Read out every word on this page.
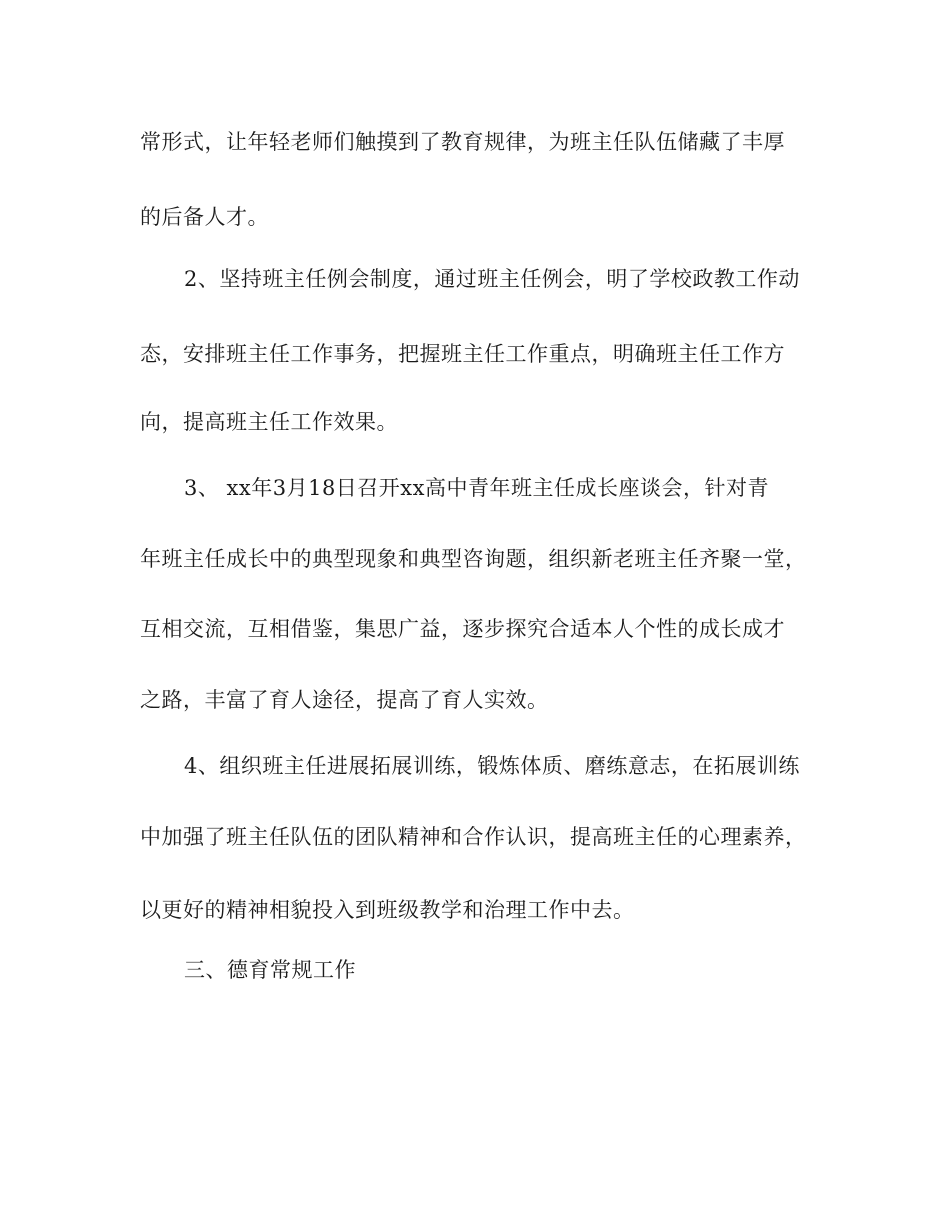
常形式，让年轻老师们触摸到了教育规律，为班主任队伍储藏了丰厚
的后备人才。
2、坚持班主任例会制度，通过班主任例会，明了学校政教工作动
态，安排班主任工作事务，把握班主任工作重点，明确班主任工作方
向，提高班主任工作效果。
3、 xx年3月18日召开xx高中青年班主任成长座谈会，针对青
年班主任成长中的典型现象和典型咨询题，组织新老班主任齐聚一堂，
互相交流，互相借鉴，集思广益，逐步探究合适本人个性的成长成才
之路，丰富了育人途径，提高了育人实效。
4、组织班主任进展拓展训练，锻炼体质、磨练意志，在拓展训练
中加强了班主任队伍的团队精神和合作认识，提高班主任的心理素养，
以更好的精神相貌投入到班级教学和治理工作中去。
三、德育常规工作
